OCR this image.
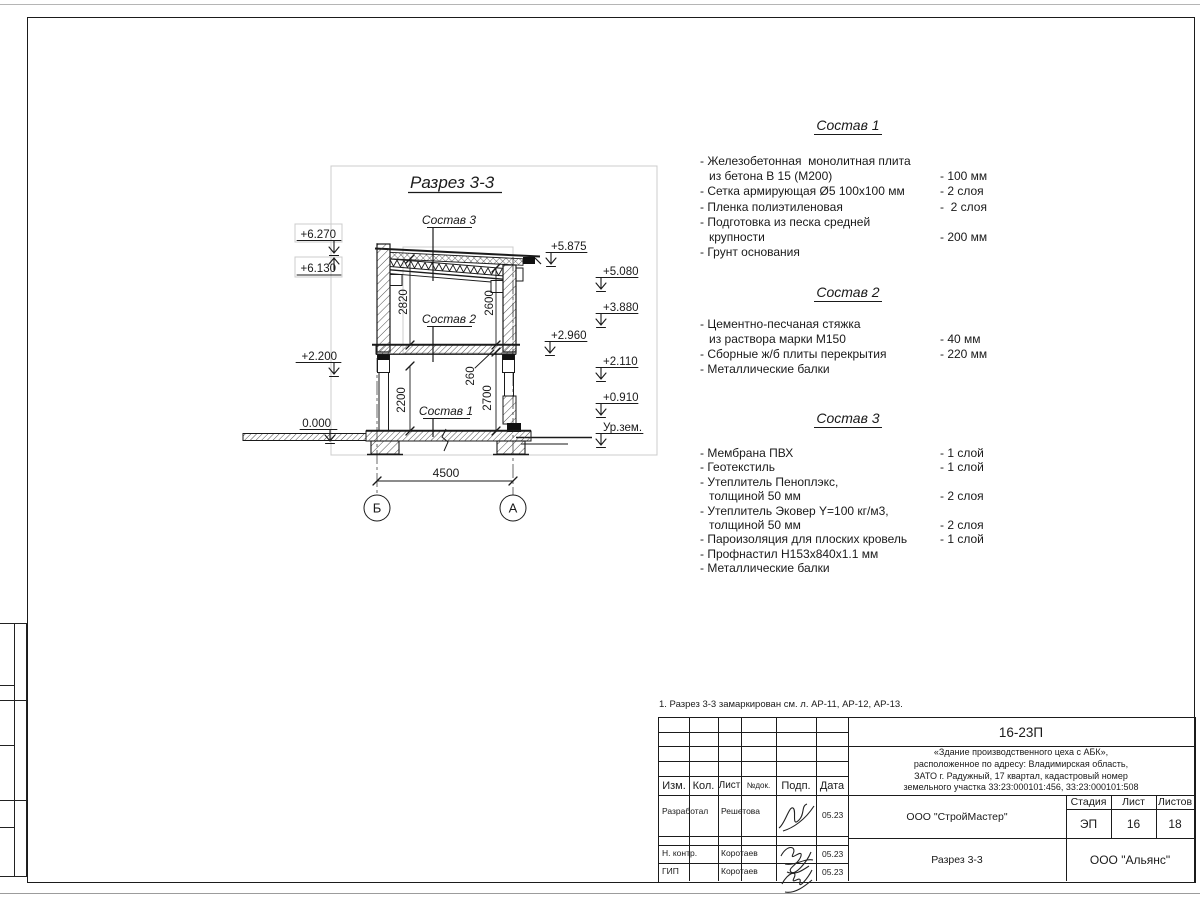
Разрез 3-3
2820	2600
2200
260
2700
4500
Состав 3
Состав 2
Состав 1
+6.270
+6.130
+2.200
0.000
+5.875
+5.080
+3.880
+2.960
+2.110
+0.910
Ур.зем.
Б	А
Состав 1
- Железобетонная  монолитная плита
из бетона В 15 (М200)	- 100 мм
- Сетка армирующая Ø5 100х100 мм	- 2 слоя
- Пленка полиэтиленовая	-  2 слоя
- Подготовка из песка средней
крупности	- 200 мм
- Грунт основания
Состав 2
- Цементно-песчаная стяжка
из раствора марки М150	- 40 мм
- Сборные ж/б плиты перекрытия	- 220 мм
- Металлические балки
Состав 3
- Мембрана ПВХ	- 1 слой
- Геотекстиль	- 1 слой
- Утеплитель Пеноплэкс,
толщиной 50 мм	- 2 слоя
- Утеплитель Эковер Y=100 кг/м3,
толщиной 50 мм	- 2 слоя
- Пароизоляция для плоских кровель	- 1 слой
- Профнастил Н153х840х1.1 мм
- Металлические балки
1. Разрез 3-3 замаркирован см. л. АР-11, АР-12, АР-13.
Изм. Кол. Лист №док.	Подп. Дата
Разработал Решетова	05.23
Н. контр.	Коротаев	05.23
ГИП	Коротаев	05.23
16-23П
«Здание производственного цеха с АБК»,
расположенное по адресу: Владимирская область,
ЗАТО г. Радужный, 17 квартал, кадастровый номер
земельного участка 33:23:000101:456, 33:23:000101:508
ООО "СтройМастер"
Стадия	Лист	Листов
ЭП	16	18
Разрез 3-3	ООО "Альянс"
